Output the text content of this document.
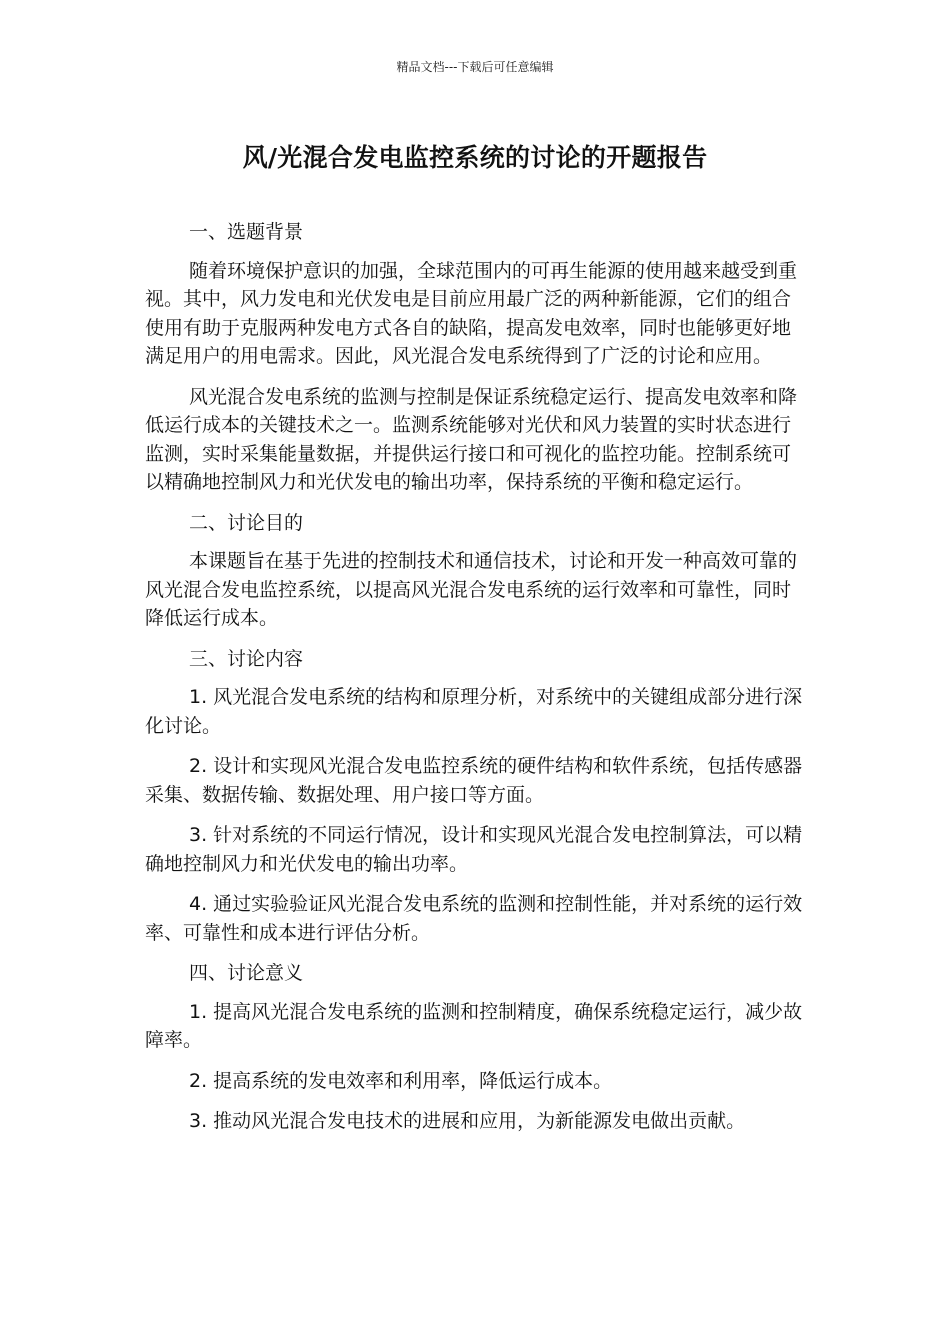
精品文档---下载后可任意编辑
风/光混合发电监控系统的讨论的开题报告

一、选题背景

随着环境保护意识的加强，全球范围内的可再生能源的使用越来越受到重视。其中，风力发电和光伏发电是目前应用最广泛的两种新能源，它们的组合使用有助于克服两种发电方式各自的缺陷，提高发电效率，同时也能够更好地满足用户的用电需求。因此，风光混合发电系统得到了广泛的讨论和应用。

风光混合发电系统的监测与控制是保证系统稳定运行、提高发电效率和降低运行成本的关键技术之一。监测系统能够对光伏和风力装置的实时状态进行监测，实时采集能量数据，并提供运行接口和可视化的监控功能。控制系统可以精确地控制风力和光伏发电的输出功率，保持系统的平衡和稳定运行。

二、讨论目的

本课题旨在基于先进的控制技术和通信技术，讨论和开发一种高效可靠的风光混合发电监控系统，以提高风光混合发电系统的运行效率和可靠性，同时降低运行成本。

三、讨论内容

1. 风光混合发电系统的结构和原理分析，对系统中的关键组成部分进行深化讨论。

2. 设计和实现风光混合发电监控系统的硬件结构和软件系统，包括传感器采集、数据传输、数据处理、用户接口等方面。

3. 针对系统的不同运行情况，设计和实现风光混合发电控制算法，可以精确地控制风力和光伏发电的输出功率。

4. 通过实验验证风光混合发电系统的监测和控制性能，并对系统的运行效率、可靠性和成本进行评估分析。

四、讨论意义

1. 提高风光混合发电系统的监测和控制精度，确保系统稳定运行，减少故障率。

2. 提高系统的发电效率和利用率，降低运行成本。

3. 推动风光混合发电技术的进展和应用，为新能源发电做出贡献。
